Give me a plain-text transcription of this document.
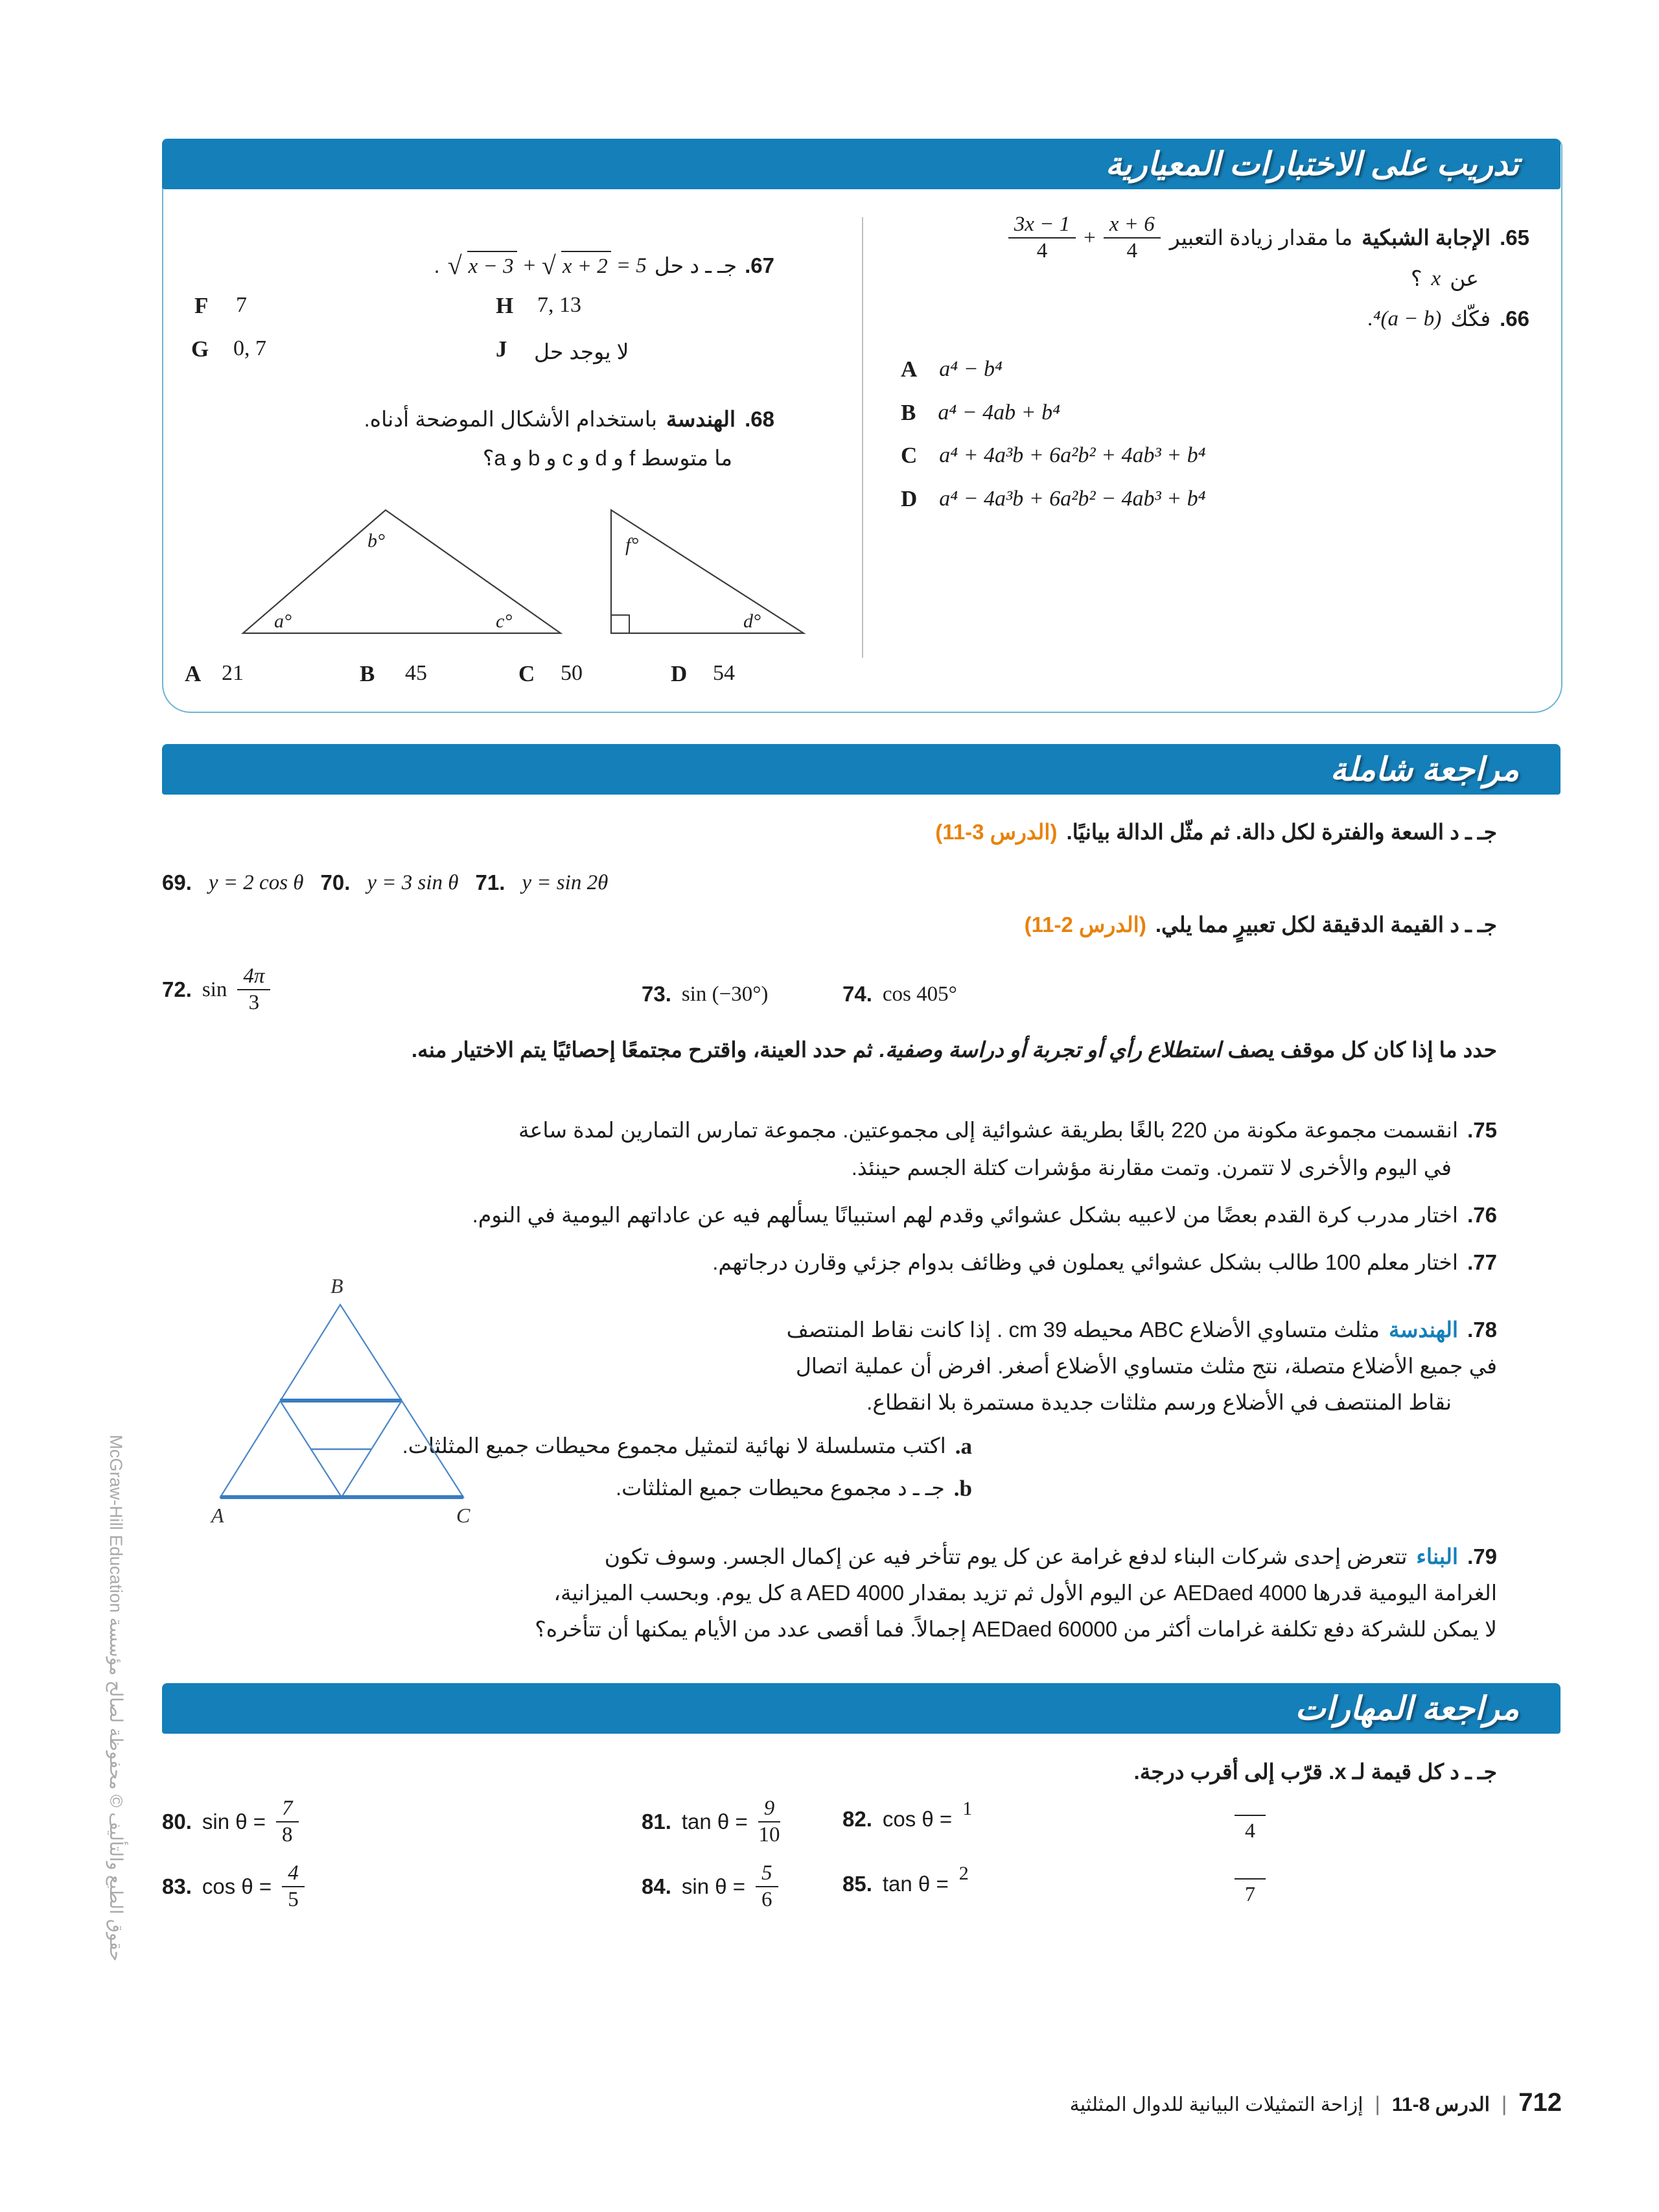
حقوق الطبع والتأليف © محفوظة لصالح مؤسسة McGraw-Hill Education
تدريب على الاختبارات المعيارية
65.
الإجابة الشبكية
ما مقدار زيادة التعبير
3x − 1
4
+ $\frac{x + 6}{4}$
عن
x
؟
66.
فكّك
(a − b)⁴.
A a⁴ − b⁴
B a⁴ − 4ab + b⁴
C a⁴ + 4a³b + 6a²b² + 4ab³ + b⁴
D a⁴ − 4a³b + 6a²b² − 4ab³ + b⁴
67.
جـ ـ د حل
√ x − 3 + √ x + 2 = 5
.
F 7	H 7, 13
G 0, 7	J لا يوجد حل
68.
الهندسة
باستخدام الأشكال الموضحة أدناه.
ما متوسط f و d و c و b و a؟
b°
a°	c°
f°
d°
A 21	B 45	C 50	D 54
مراجعة شاملة
جـ ـ د السعة والفترة لكل دالة. ثم مثّل الدالة بيانيًا.
(الدرس 3-11)
69. y = 2 cos θ 70. y = 3 sin θ 71. y = sin 2θ
جـ ـ د القيمة الدقيقة لكل تعبيرٍ مما يلي.
(الدرس 2-11)
72. sin
4π
3	73. sin (−30°)	74. cos 405°
حدد ما إذا كان كل موقف يصف
استطلاع رأي أو تجربة أو دراسة وصفية.
ثم حدد العينة، واقترح مجتمعًا إحصائيًا يتم الاختيار منه.
75.
انقسمت مجموعة مكونة من 220 بالغًا بطريقة عشوائية إلى مجموعتين. مجموعة تمارس التمارين لمدة ساعة
في اليوم والأخرى لا تتمرن. وتمت مقارنة مؤشرات كتلة الجسم حينئذ.
76.
اختار مدرب كرة القدم بعضًا من لاعبيه بشكل عشوائي وقدم لهم استبيانًا يسألهم فيه عن عاداتهم اليومية في النوم.
77.
اختار معلم 100 طالب بشكل عشوائي يعملون في وظائف بدوام جزئي وقارن درجاتهم.
78.
الهندسة
مثلث متساوي الأضلاع ABC محيطه 39 cm . إذا كانت نقاط المنتصف
في جميع الأضلاع متصلة، نتج مثلث متساوي الأضلاع أصغر. افرض أن عملية اتصال
نقاط المنتصف في الأضلاع ورسم مثلثات جديدة مستمرة بلا انقطاع.
a.
اكتب متسلسلة لا نهائية لتمثيل مجموع محيطات جميع المثلثات.
b.
جـ ـ د مجموع محيطات جميع المثلثات.
B
A	C
79.
البناء
تتعرض إحدى شركات البناء لدفع غرامة عن كل يوم تتأخر فيه عن إكمال الجسر. وسوف تكون
الغرامة اليومية قدرها AEDaed 4000 عن اليوم الأول ثم تزيد بمقدار a AED 4000 كل يوم. وبحسب الميزانية،
لا يمكن للشركة دفع تكلفة غرامات أكثر من AEDaed 60000 إجمالاً. فما أقصى عدد من الأيام يمكنها أن تتأخره؟
مراجعة المهارات
جـ ـ د كل قيمة لـ x. قرّب إلى أقرب درجة.
80. $\sin \theta = \frac{7}{8}$	81. $\tan \theta = \frac{9}{10}$	82. cos θ = 1
4
83. $\cos \theta = \frac{4}{5}$	84. $\sin \theta = \frac{5}{6}$	85. tan θ = 2
7
712
|
الدرس 8-11
|
إزاحة التمثيلات البيانية للدوال المثلثية
